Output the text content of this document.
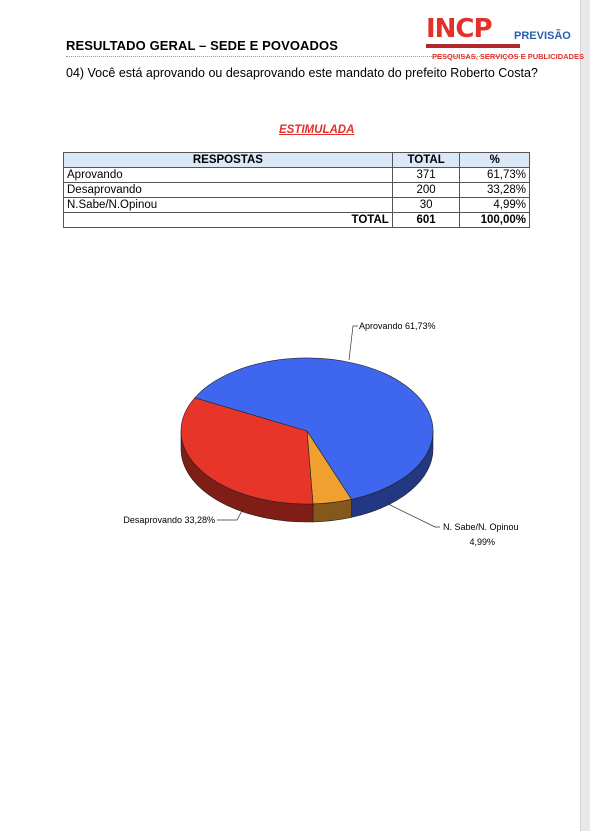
RESULTADO GERAL – SEDE E POVOADOS
INCP PREVISÃO
PESQUISAS, SERVIÇOS E PUBLICIDADES
04) Você está aprovando ou desaprovando este mandato do prefeito Roberto Costa?
ESTIMULADA
RESPOSTAS	TOTAL	%
Aprovando	371	61,73%
Desaprovando	200	33,28%
N.Sabe/N.Opinou	30	4,99%
TOTAL	601	100,00%
Aprovando 61,73%
Desaprovando 33,28%
N. Sabe/N. Opinou
4,99%
